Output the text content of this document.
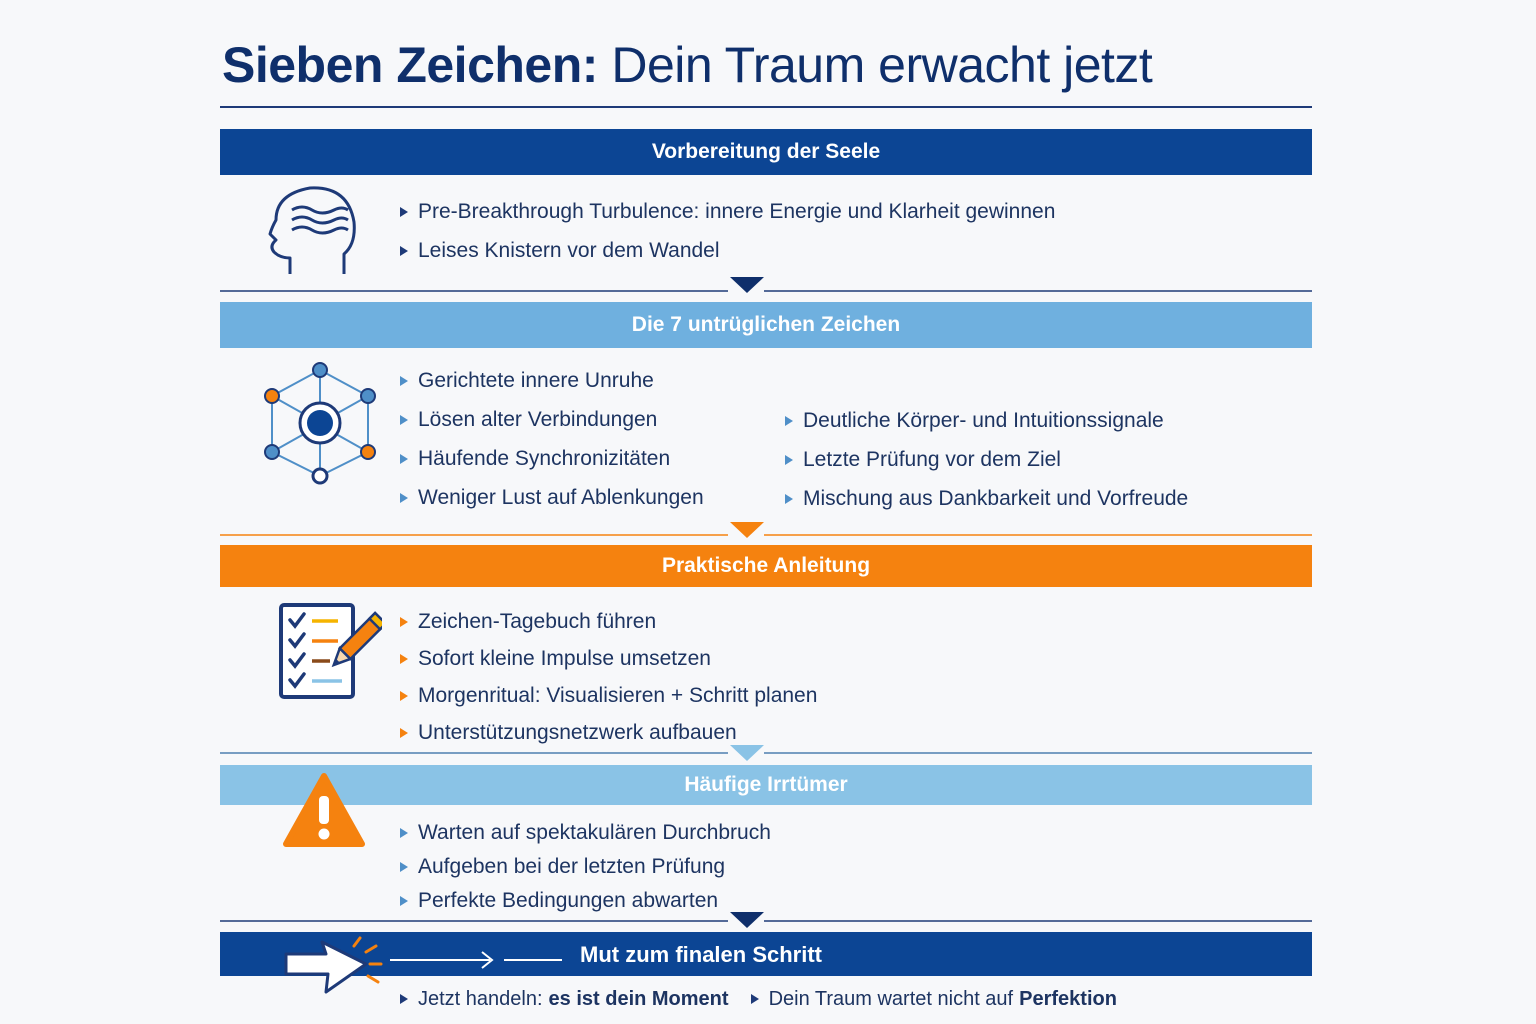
Sieben Zeichen: Dein Traum erwacht jetzt
Vorbereitung der Seele
Pre-Breakthrough Turbulence: innere Energie und Klarheit gewinnen
Leises Knistern vor dem Wandel
Die 7 untrüglichen Zeichen
Gerichtete innere Unruhe
Lösen alter Verbindungen
Häufende Synchronizitäten
Weniger Lust auf Ablenkungen
Deutliche Körper- und Intuitionssignale
Letzte Prüfung vor dem Ziel
Mischung aus Dankbarkeit und Vorfreude
Praktische Anleitung
Zeichen-Tagebuch führen
Sofort kleine Impulse umsetzen
Morgenritual: Visualisieren + Schritt planen
Unterstützungsnetzwerk aufbauen
Häufige Irrtümer
Warten auf spektakulären Durchbruch
Aufgeben bei der letzten Prüfung
Perfekte Bedingungen abwarten
Mut zum finalen Schritt
Jetzt handeln: es ist dein Moment Dein Traum wartet nicht auf Perfektion
